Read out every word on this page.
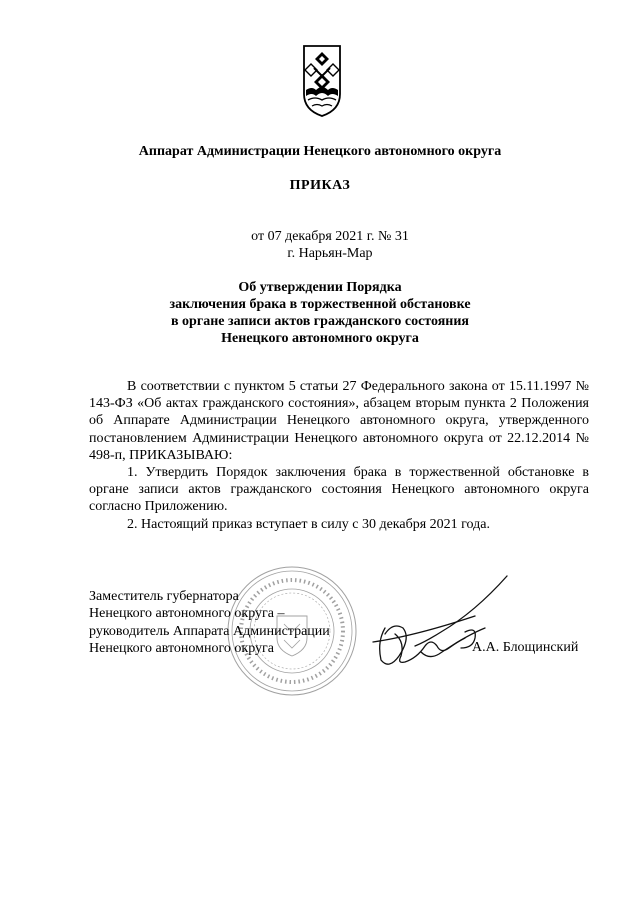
Аппарат Администрации Ненецкого автономного округа
ПРИКАЗ
от 07 декабря 2021 г. № 31
г. Нарьян-Мар
Об утверждении Порядка
заключения брака в торжественной обстановке
в органе записи актов гражданского состояния
Ненецкого автономного округа

В соответствии с пунктом 5 статьи 27 Федерального закона от 15.11.1997 № 143-ФЗ «Об актах гражданского состояния», абзацем вторым пункта 2 Положения об Аппарате Администрации Ненецкого автономного округа, утвержденного постановлением Администрации Ненецкого автономного округа от 22.12.2014 № 498-п, ПРИКАЗЫВАЮ:

1. Утвердить Порядок заключения брака в торжественной обстановке в органе записи актов гражданского состояния Ненецкого автономного округа согласно Приложению.

2. Настоящий приказ вступает в силу с 30 декабря 2021 года.

Заместитель губернатора
Ненецкого автономного округа –
руководитель Аппарата Администрации
Ненецкого автономного округа	А.А. Блощинский
